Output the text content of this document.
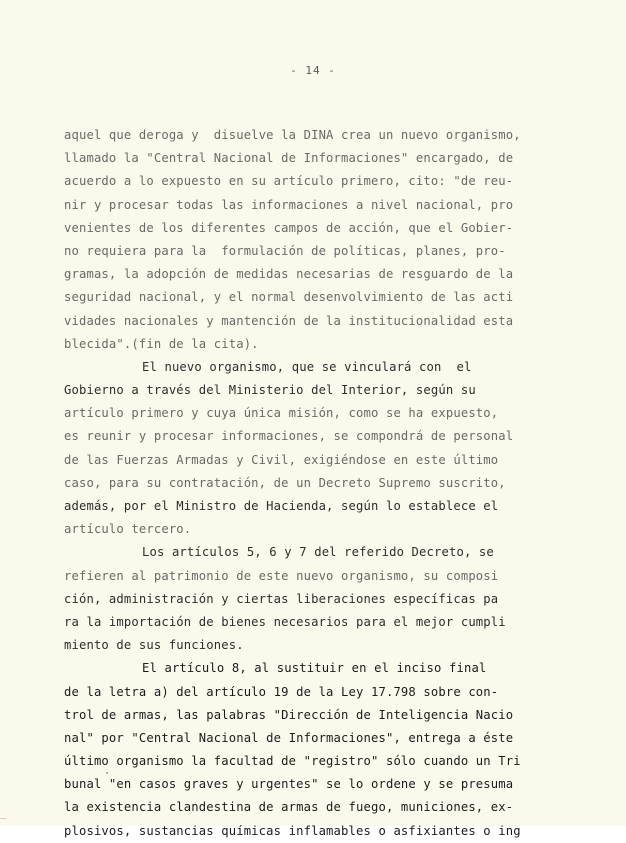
- 14 -
aquel que deroga y  disuelve la DINA crea un nuevo organismo,
llamado la "Central Nacional de Informaciones" encargado, de
acuerdo a lo expuesto en su artículo primero, cito: "de reu-
nir y procesar todas las informaciones a nivel nacional, pro
venientes de los diferentes campos de acción, que el Gobier-
no requiera para la  formulación de políticas, planes, pro-
gramas, la adopción de medidas necesarias de resguardo de la
seguridad nacional, y el normal desenvolvimiento de las acti
vidades nacionales y mantención de la institucionalidad esta
blecida".(fin de la cita).
El nuevo organismo, que se vinculará con  el
Gobierno a través del Ministerio del Interior, según su
artículo primero y cuya única misión, como se ha expuesto,
es reunir y procesar informaciones, se compondrá de personal
de las Fuerzas Armadas y Civil, exigiéndose en este último
caso, para su contratación, de un Decreto Supremo suscrito,
además, por el Ministro de Hacienda, según lo establece el
artículo tercero.
Los artículos 5, 6 y 7 del referido Decreto, se
refieren al patrimonio de este nuevo organismo, su composi
ción, administración y ciertas liberaciones específicas pa
ra la importación de bienes necesarios para el mejor cumpli
miento de sus funciones.
El artículo 8, al sustituir en el inciso final
de la letra a) del artículo 19 de la Ley 17.798 sobre con-
trol de armas, las palabras "Dirección de Inteligencia Nacio
nal" por "Central Nacional de Informaciones", entrega a éste
último organismo la facultad de "registro" sólo cuando un Tri
bunal "en casos graves y urgentes" se lo ordene y se presuma
la existencia clandestina de armas de fuego, municiones, ex-
plosivos, sustancias químicas inflamables o asfixiantes o ing
